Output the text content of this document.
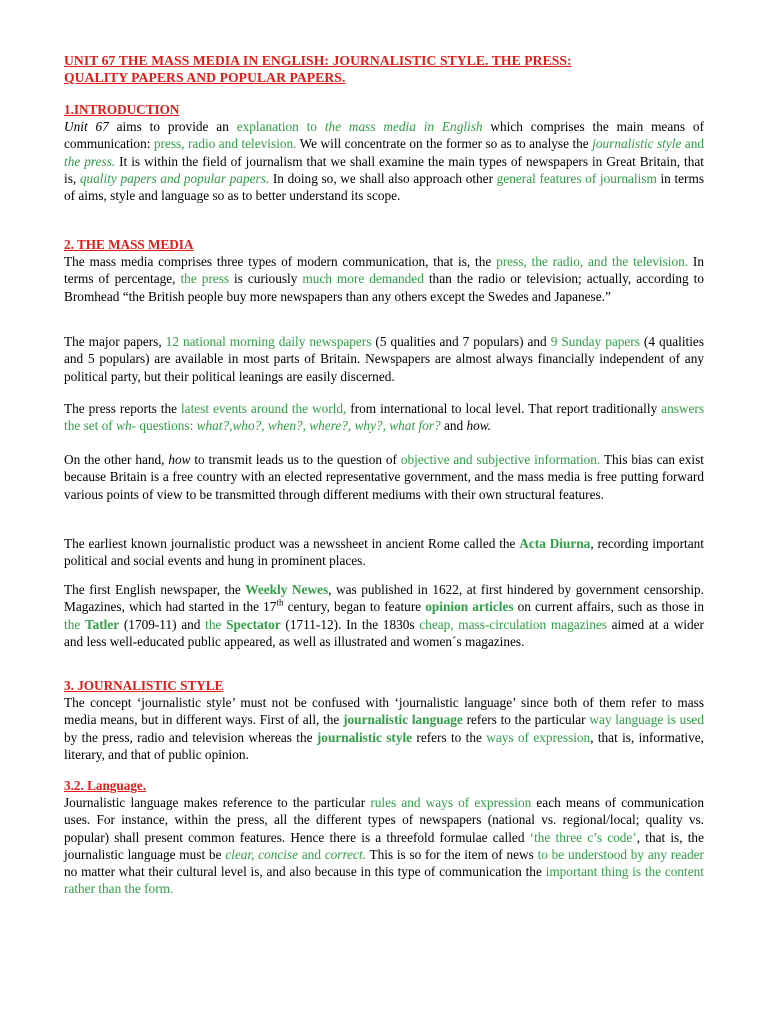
UNIT 67 THE MASS MEDIA IN ENGLISH: JOURNALISTIC STYLE. THE PRESS:
QUALITY PAPERS AND POPULAR PAPERS.
1.INTRODUCTION

Unit 67 aims to provide an explanation to the mass media in English which comprises the main means of communication: press, radio and television. We will concentrate on the former so as to analyse the journalistic style and the press. It is within the field of journalism that we shall examine the main types of newspapers in Great Britain, that is, quality papers and popular papers. In doing so, we shall also approach other general features of journalism in terms of aims, style and language so as to better understand its scope.

2. THE MASS MEDIA

The mass media comprises three types of modern communication, that is, the press, the radio, and the television. In terms of percentage, the press is curiously much more demanded than the radio or television; actually, according to Bromhead “the British people buy more newspapers than any others except the Swedes and Japanese.”

The major papers, 12 national morning daily newspapers (5 qualities and 7 populars) and 9 Sunday papers (4 qualities and 5 populars) are available in most parts of Britain. Newspapers are almost always financially independent of any political party, but their political leanings are easily discerned.

The press reports the latest events around the world, from international to local level. That report traditionally answers the set of wh- questions: what?,who?, when?, where?, why?, what for? and how.

On the other hand, how to transmit leads us to the question of objective and subjective information. This bias can exist because Britain is a free country with an elected representative government, and the mass media is free putting forward various points of view to be transmitted through different mediums with their own structural features.

The earliest known journalistic product was a newssheet in ancient Rome called the Acta Diurna, recording important political and social events and hung in prominent places.

The first English newspaper, the Weekly Newes, was published in 1622, at first hindered by government censorship. Magazines, which had started in the 17th century, began to feature opinion articles on current affairs, such as those in the Tatler (1709-11) and the Spectator (1711-12). In the 1830s cheap, mass-circulation magazines aimed at a wider and less well-educated public appeared, as well as illustrated and women´s magazines.

3. JOURNALISTIC STYLE

The concept ‘journalistic style’ must not be confused with ‘journalistic language’ since both of them refer to mass media means, but in different ways. First of all, the journalistic language refers to the particular way language is used by the press, radio and television whereas the journalistic style refers to the ways of expression, that is, informative, literary, and that of public opinion.

3.2. Language.

Journalistic language makes reference to the particular rules and ways of expression each means of communication uses. For instance, within the press, all the different types of newspapers (national vs. regional/local; quality vs. popular) shall present common features. Hence there is a threefold formulae called ‘the three c’s code’, that is, the journalistic language must be clear, concise and correct. This is so for the item of news to be understood by any reader no matter what their cultural level is, and also because in this type of communication the important thing is the content rather than the form.
